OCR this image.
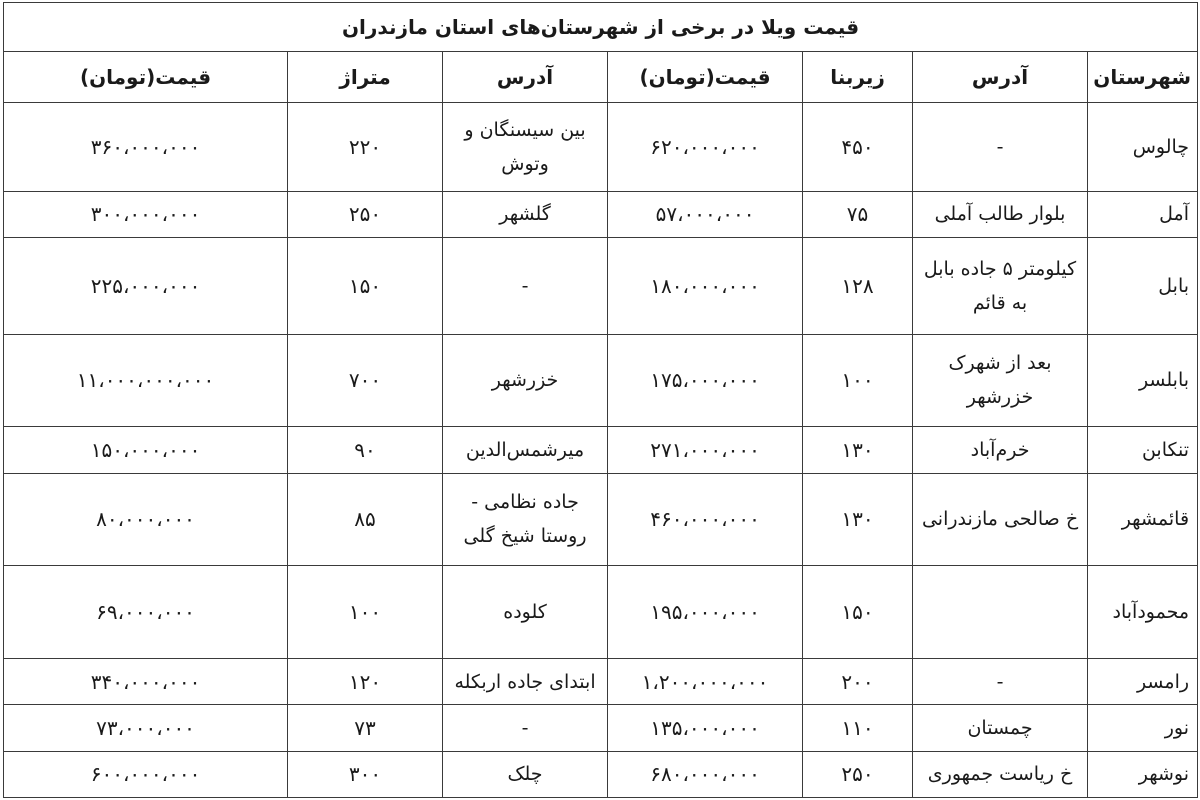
قیمت ویلا در برخی از شهرستان‌های استان مازندران						
شهرستان	آدرس	زیربنا	قیمت(تومان)	آدرس	متراژ	قیمت(تومان)
چالوس	-	۴۵۰	۶۲۰،۰۰۰،۰۰۰	بین سیسنگان و وتوش	۲۲۰	۳۶۰،۰۰۰،۰۰۰
آمل	بلوار طالب آملی	۷۵	۵۷،۰۰۰،۰۰۰	گلشهر	۲۵۰	۳۰۰،۰۰۰،۰۰۰
بابل	کیلومتر ۵ جاده بابل به قائم	۱۲۸	۱۸۰،۰۰۰،۰۰۰	-	۱۵۰	۲۲۵،۰۰۰،۰۰۰
بابلسر	بعد از شهرک خزرشهر	۱۰۰	۱۷۵،۰۰۰،۰۰۰	خزرشهر	۷۰۰	۱۱،۰۰۰،۰۰۰،۰۰۰
تنکابن	خرم‌آباد	۱۳۰	۲۷۱،۰۰۰،۰۰۰	میرشمس‌الدین	۹۰	۱۵۰،۰۰۰،۰۰۰
قائمشهر	خ صالحی مازندرانی	۱۳۰	۴۶۰،۰۰۰،۰۰۰	جاده نظامی - روستا شیخ گلی	۸۵	۸۰،۰۰۰،۰۰۰
محمودآباد		۱۵۰	۱۹۵،۰۰۰،۰۰۰	کلوده	۱۰۰	۶۹،۰۰۰،۰۰۰
رامسر	-	۲۰۰	۱،۲۰۰،۰۰۰،۰۰۰	ابتدای جاده اربکله	۱۲۰	۳۴۰،۰۰۰،۰۰۰
نور	چمستان	۱۱۰	۱۳۵،۰۰۰،۰۰۰	-	۷۳	۷۳،۰۰۰،۰۰۰
نوشهر	خ ریاست جمهوری	۲۵۰	۶۸۰،۰۰۰،۰۰۰	چلک	۳۰۰	۶۰۰،۰۰۰،۰۰۰
